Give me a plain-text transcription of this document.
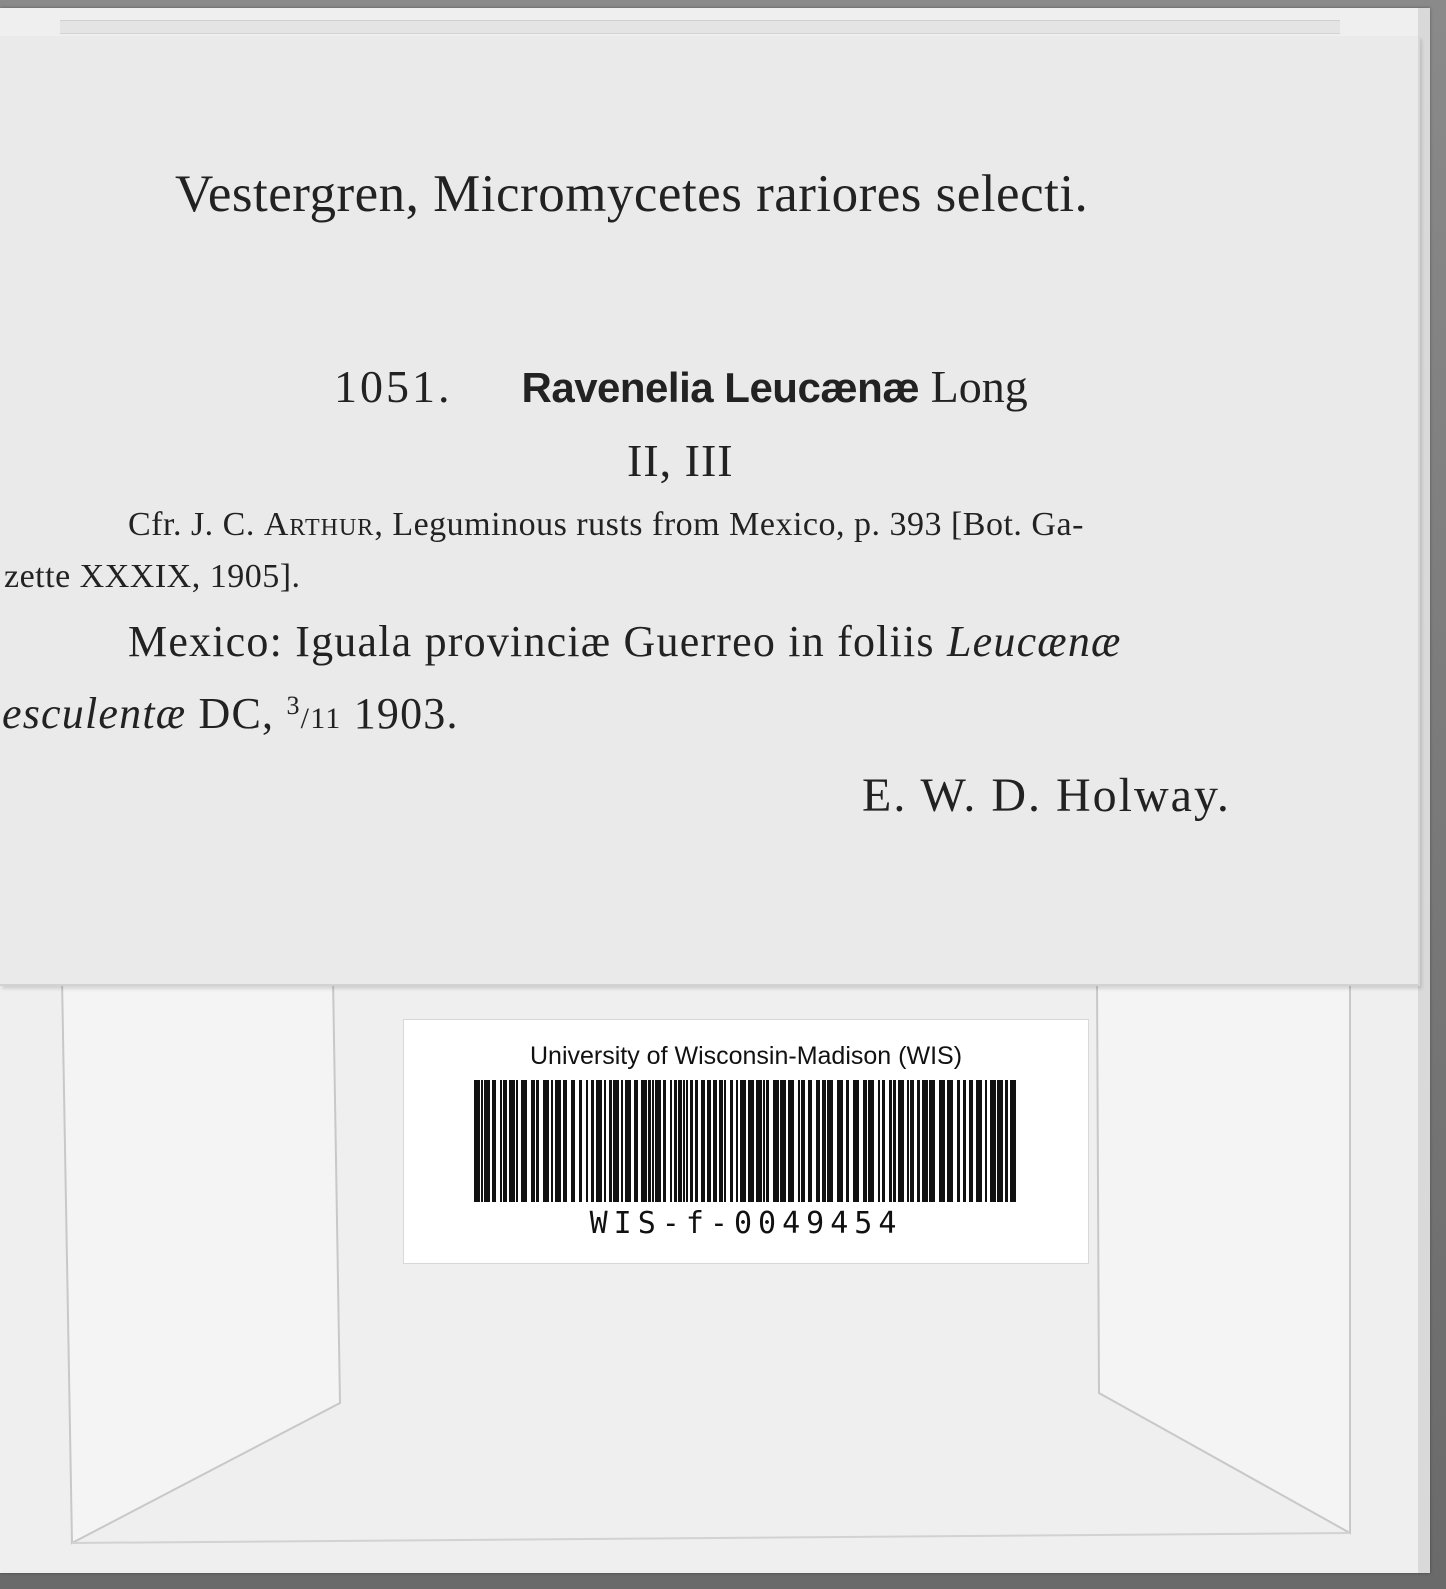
Vestergren, Micromycetes rariores selecti.
1051. Ravenelia Leucænæ Long
II, III
Cfr. J. C. Arthur, Leguminous rusts from Mexico, p. 393 [Bot. Ga-
zette XXXIX, 1905].
Mexico: Iguala provinciæ Guerreo in foliis Leucænæ
esculentæ DC, $^3$/11 1903.
E. W. D. Holway.
University of Wisconsin-Madison (WIS)
WIS-f-0049454
